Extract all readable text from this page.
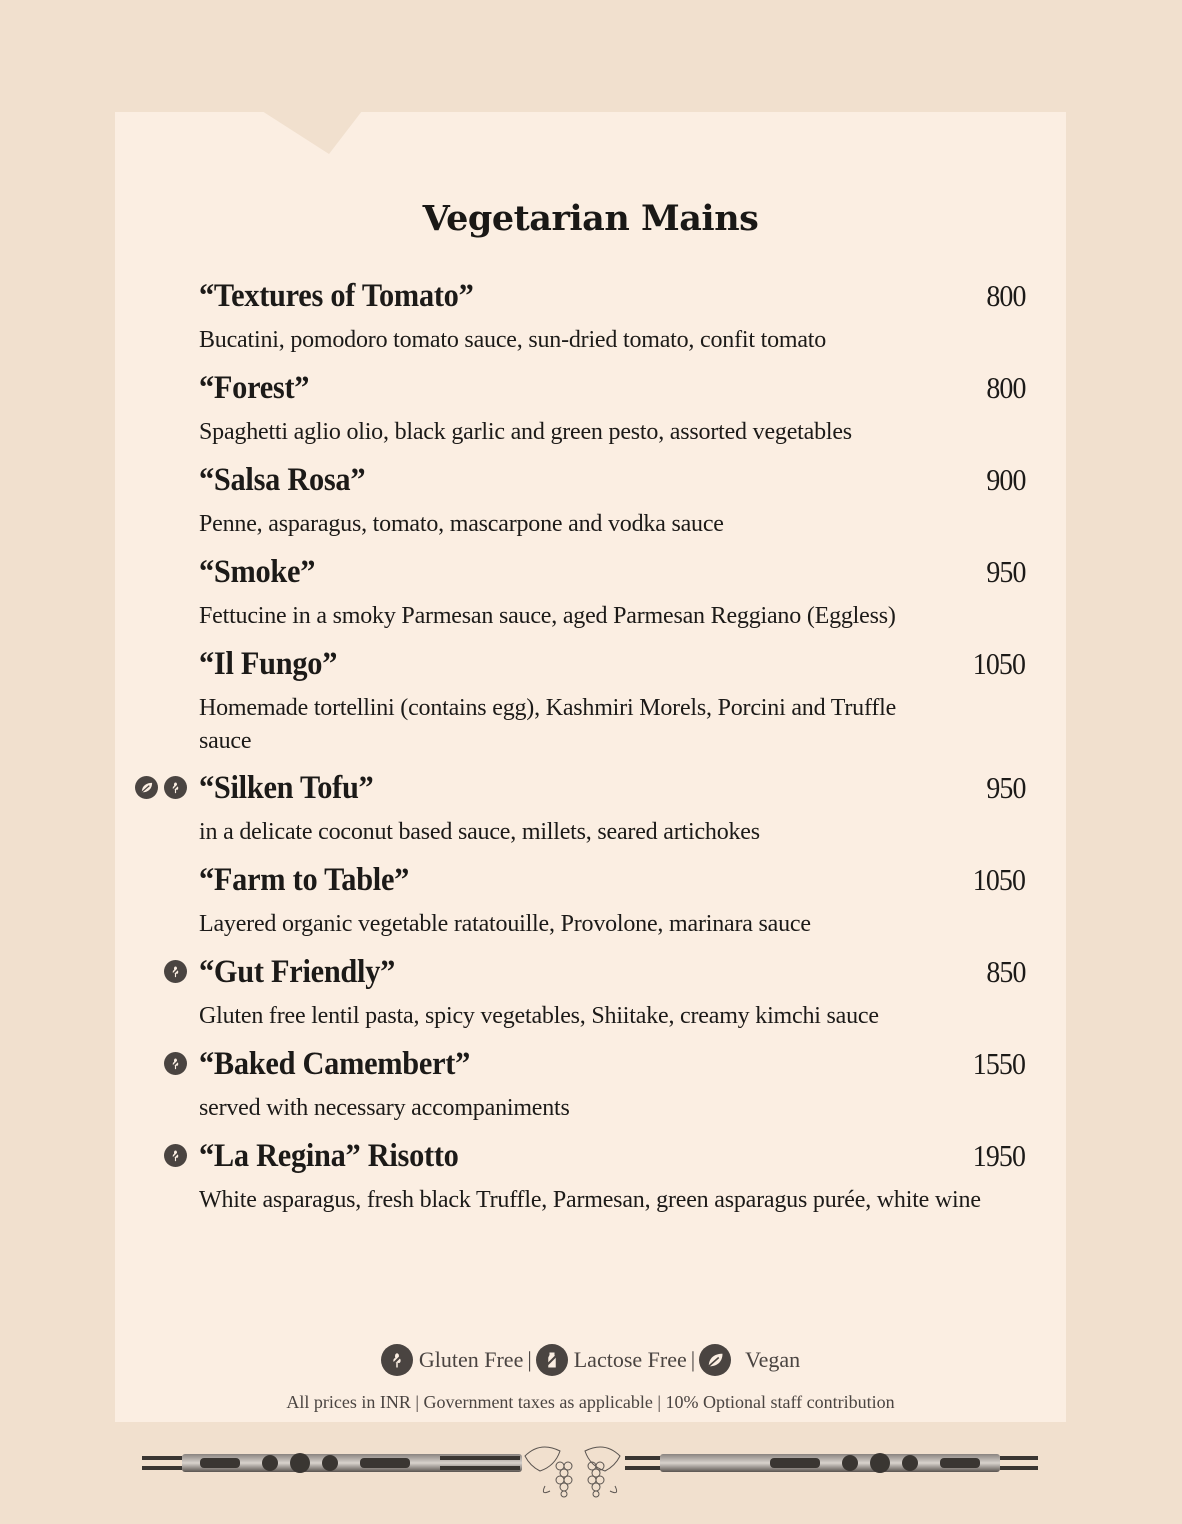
Vegetarian Mains
“Textures of Tomato”	800
Bucatini, pomodoro tomato sauce, sun-dried tomato, confit tomato
“Forest”	800
Spaghetti aglio olio, black garlic and green pesto, assorted vegetables
“Salsa Rosa”	900
Penne, asparagus, tomato, mascarpone and vodka sauce
“Smoke”	950
Fettucine in a smoky Parmesan sauce, aged Parmesan Reggiano (Eggless)
“Il Fungo”	1050
Homemade tortellini (contains egg), Kashmiri Morels, Porcini and Truffle sauce
“Silken Tofu”	950
in a delicate coconut based sauce, millets, seared artichokes
“Farm to Table”	1050
Layered organic vegetable ratatouille, Provolone, marinara sauce
“Gut Friendly”	850
Gluten free lentil pasta, spicy vegetables, Shiitake, creamy kimchi sauce
“Baked Camembert”	1550
served with necessary accompaniments
“La Regina” Risotto	1950
White asparagus, fresh black Truffle, Parmesan, green asparagus purée, white wine
Gluten Free | Lactose Free | Vegan
All prices in INR | Government taxes as applicable | 10% Optional staff contribution
